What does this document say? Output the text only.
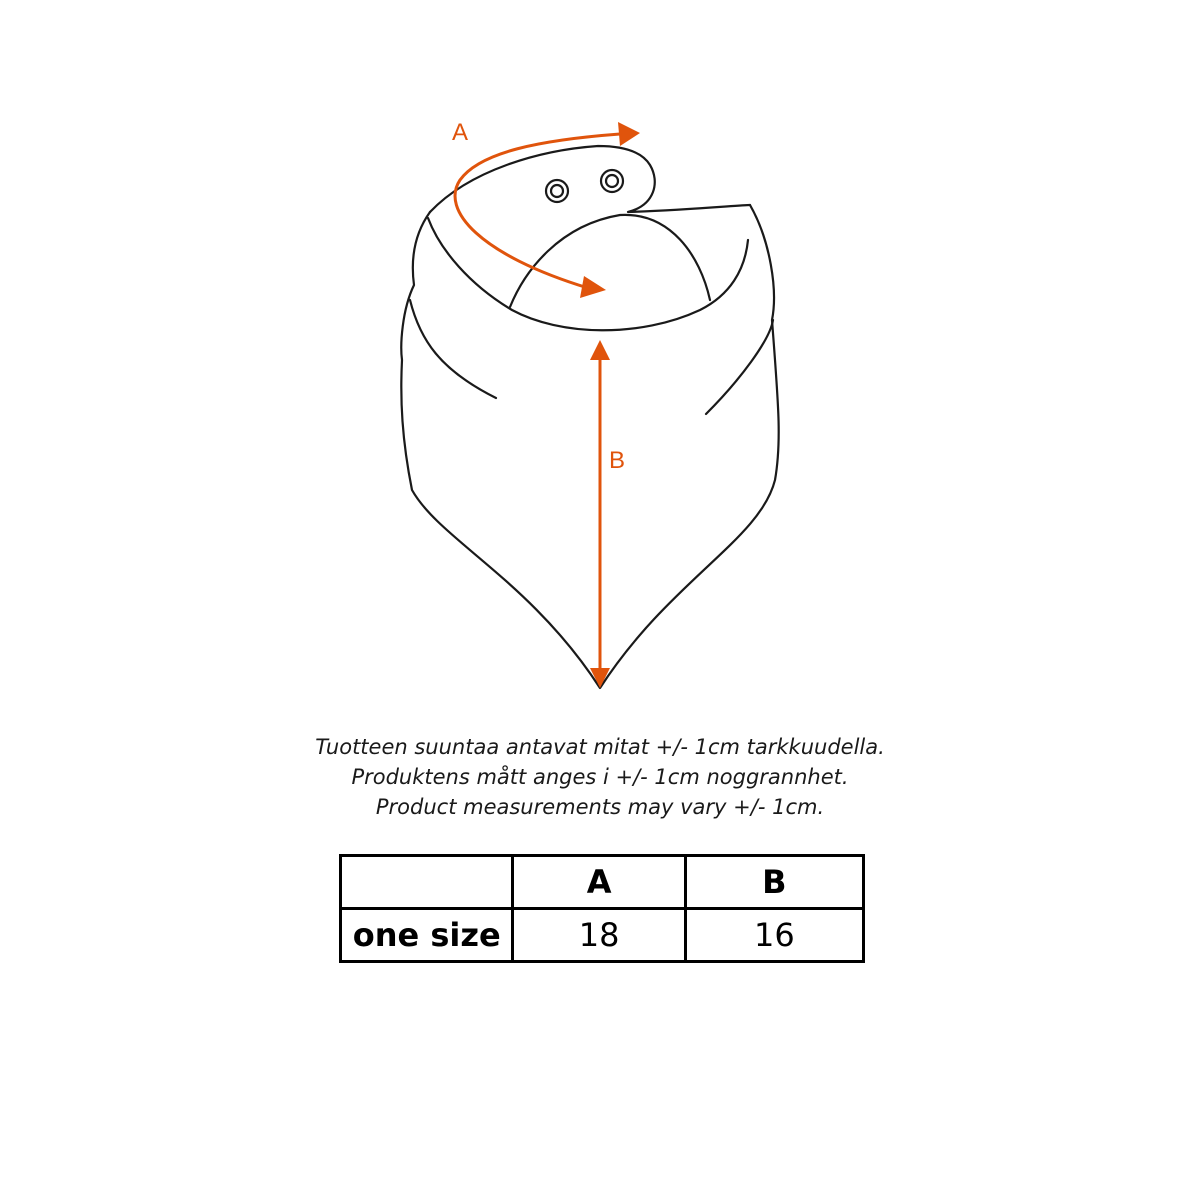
A
B
Tuotteen suuntaa antavat mitat +/- 1cm tarkkuudella.
Produktens mått anges i +/- 1cm noggrannhet.
Product measurements may vary +/- 1cm.
	A	B
one size	18	16
